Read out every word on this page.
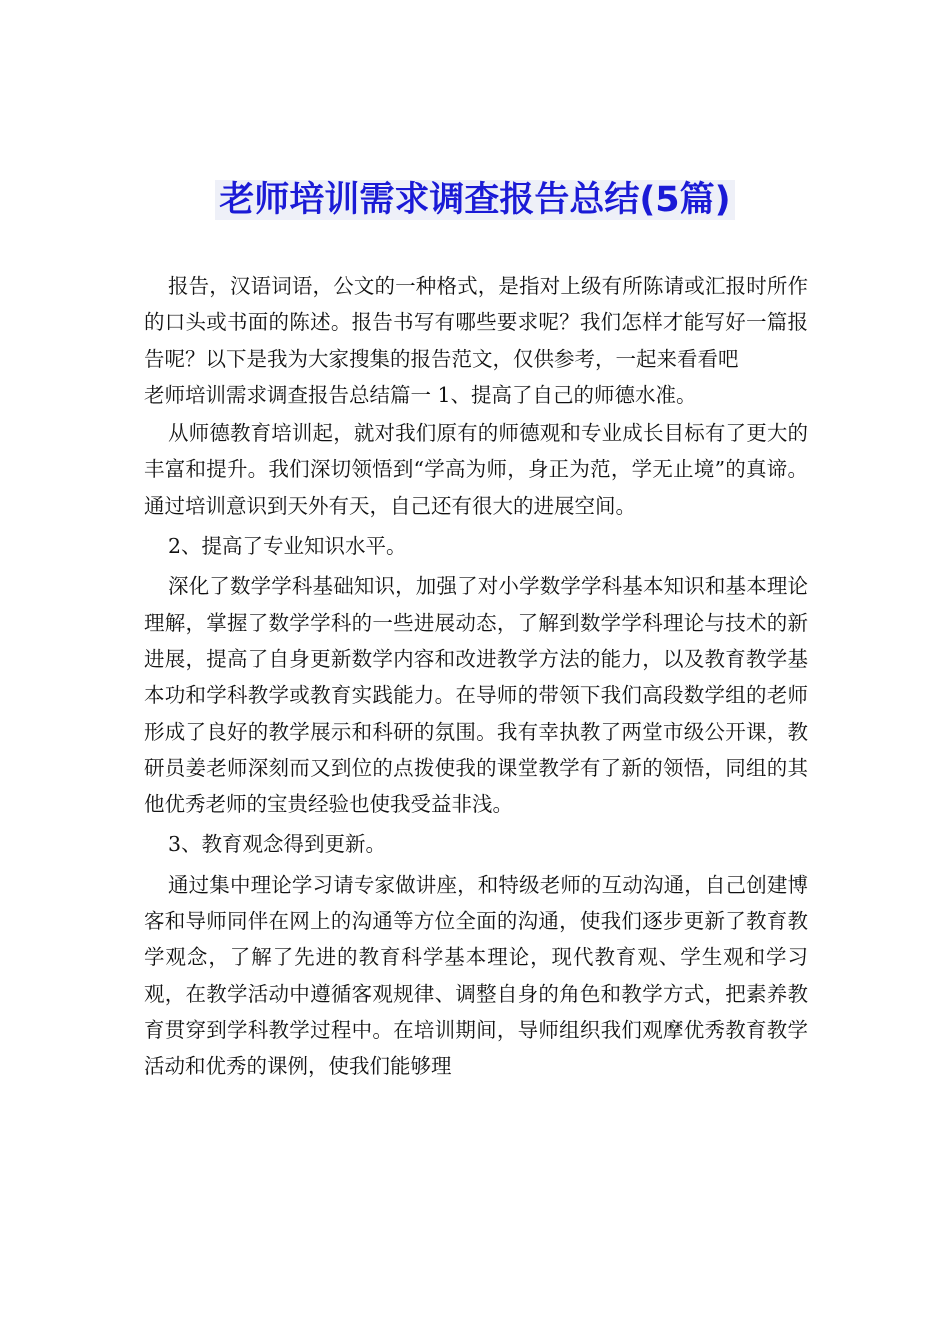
老师培训需求调查报告总结(5篇)

报告，汉语词语，公文的一种格式，是指对上级有所陈请或汇报时所作的口头或书面的陈述。报告书写有哪些要求呢？我们怎样才能写好一篇报告呢？以下是我为大家搜集的报告范文，仅供参考，一起来看看吧

老师培训需求调查报告总结篇一 1、提高了自己的师德水准。

从师德教育培训起，就对我们原有的师德观和专业成长目标有了更大的丰富和提升。我们深切领悟到“学高为师，身正为范，学无止境”的真谛。通过培训意识到天外有天，自己还有很大的进展空间。

2、提高了专业知识水平。

深化了数学学科基础知识，加强了对小学数学学科基本知识和基本理论理解，掌握了数学学科的一些进展动态，了解到数学学科理论与技术的新进展，提高了自身更新数学内容和改进教学方法的能力，以及教育教学基本功和学科教学或教育实践能力。在导师的带领下我们高段数学组的老师形成了良好的教学展示和科研的氛围。我有幸执教了两堂市级公开课，教研员姜老师深刻而又到位的点拨使我的课堂教学有了新的领悟，同组的其他优秀老师的宝贵经验也使我受益非浅。

3、教育观念得到更新。

通过集中理论学习请专家做讲座，和特级老师的互动沟通，自己创建博客和导师同伴在网上的沟通等方位全面的沟通，使我们逐步更新了教育教学观念，了解了先进的教育科学基本理论，现代教育观、学生观和学习观，在教学活动中遵循客观规律、调整自身的角色和教学方式，把素养教育贯穿到学科教学过程中。在培训期间，导师组织我们观摩优秀教育教学活动和优秀的课例，使我们能够理
